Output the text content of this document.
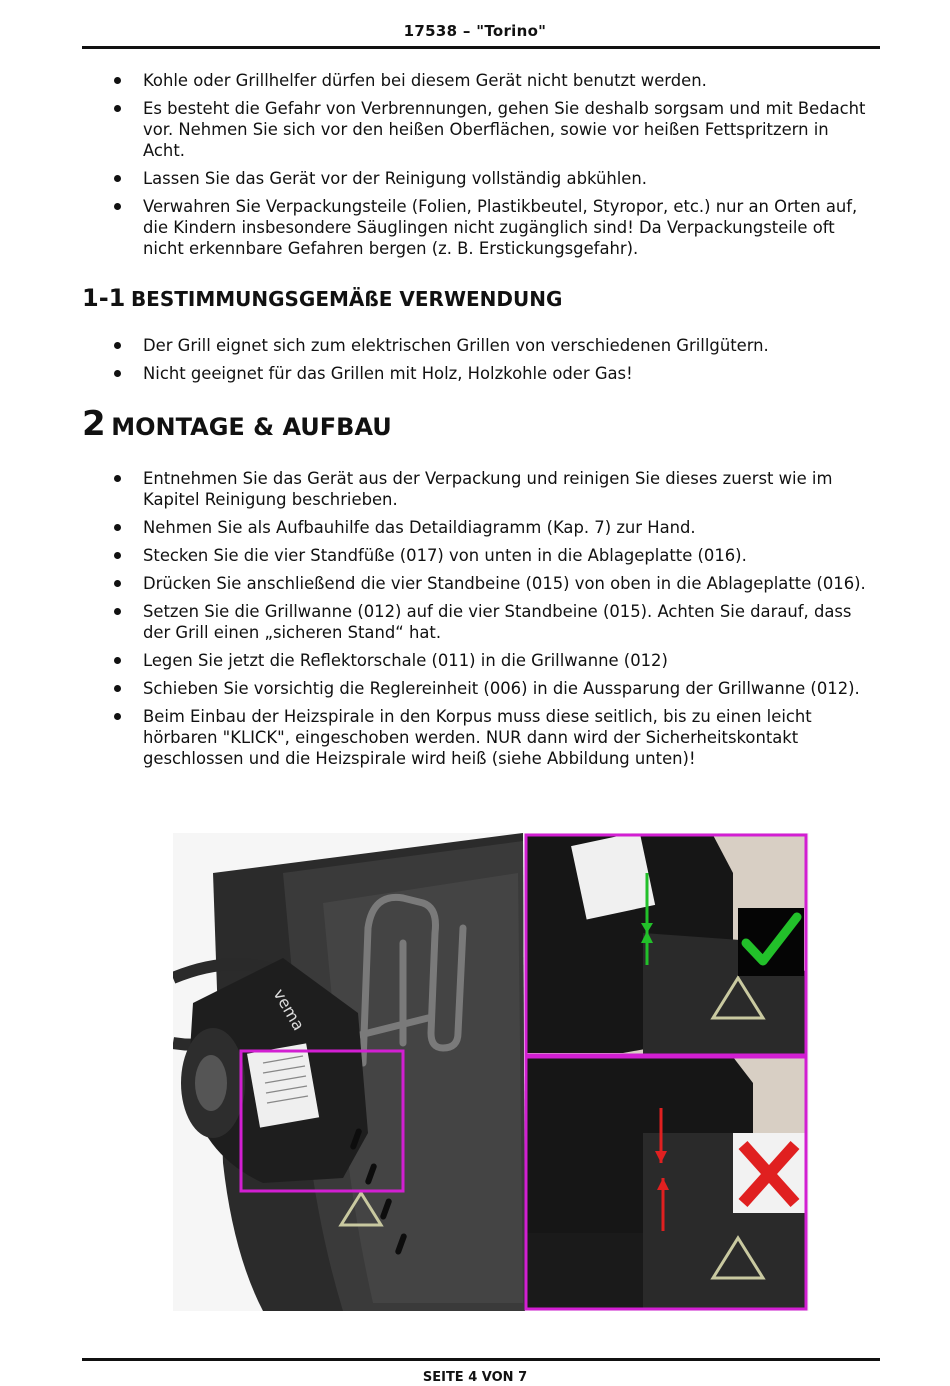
17538 – "Torino"
Kohle oder Grillhelfer dürfen bei diesem Gerät nicht benutzt werden.
Es besteht die Gefahr von Verbrennungen, gehen Sie deshalb sorgsam und mit Bedacht vor. Nehmen Sie sich vor den heißen Oberflächen, sowie vor heißen Fettspritzern in Acht.
Lassen Sie das Gerät vor der Reinigung vollständig abkühlen.
Verwahren Sie Verpackungsteile (Folien, Plastikbeutel, Styropor, etc.) nur an Orten auf, die Kindern insbesondere Säuglingen nicht zugänglich sind! Da Verpackungsteile oft nicht erkennbare Gefahren bergen (z. B. Erstickungsgefahr).
1-1 BESTIMMUNGSGEMÄßE VERWENDUNG
Der Grill eignet sich zum elektrischen Grillen von verschiedenen Grillgütern.
Nicht geeignet für das Grillen mit Holz, Holzkohle oder Gas!
2 MONTAGE & AUFBAU
Entnehmen Sie das Gerät aus der Verpackung und reinigen Sie dieses zuerst wie im Kapitel Reinigung beschrieben.
Nehmen Sie als Aufbauhilfe das Detaildiagramm (Kap. 7) zur Hand.
Stecken Sie die vier Standfüße (017) von unten in die Ablageplatte (016).
Drücken Sie anschließend die vier Standbeine (015) von oben in die Ablageplatte (016).
Setzen Sie die Grillwanne (012) auf die vier Standbeine (015). Achten Sie darauf, dass der Grill einen „sicheren Stand“ hat.
Legen Sie jetzt die Reflektorschale (011) in die Grillwanne (012)
Schieben Sie vorsichtig die Reglereinheit (006) in die Aussparung der Grillwanne (012).
Beim Einbau der Heizspirale in den Korpus muss diese seitlich, bis zu einen leicht hörbaren "KLICK", eingeschoben werden. NUR dann wird der Sicherheitskontakt geschlossen und die Heizspirale wird heiß (siehe Abbildung unten)!
vema
SEITE 4 VON 7
